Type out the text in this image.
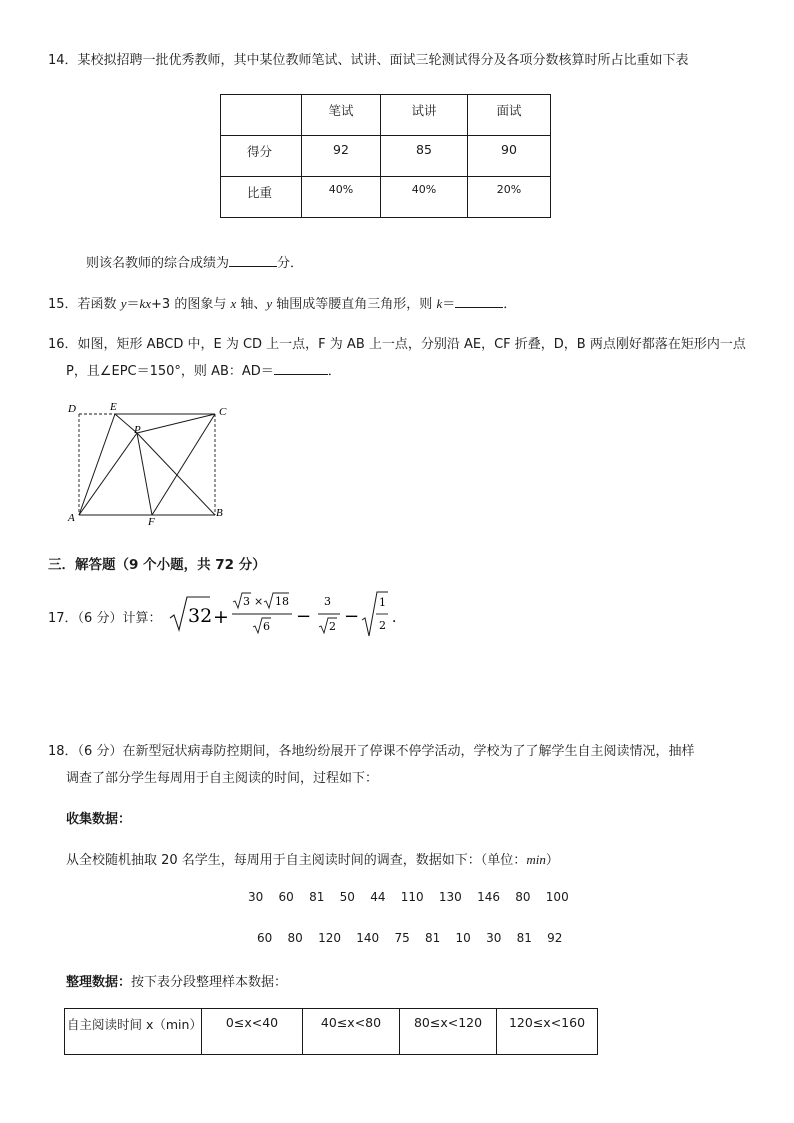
14．某校拟招聘一批优秀教师，其中某位教师笔试、试讲、面试三轮测试得分及各项分数核算时所占比重如下表
	笔试	试讲	面试
得分	92	85	90
比重	40%	40%	20%
则该名教师的综合成绩为	分．
15．若函数 y＝kx+3 的图象与 x 轴、y 轴围成等腰直角三角形，则 k＝	．
16．如图，矩形 ABCD 中，E 为 CD 上一点，F 为 AB 上一点，分别沿 AE，CF 折叠，D，B 两点刚好都落在矩形内一点
P，且∠EPC＝150°，则 AB：AD＝	．
D	E	C
P
A	F
B
三．解答题（9 个小题，共 72 分）
17．（6 分）计算： 32 +
3 × 18
6 −
3
2 −
1
2 ．
18．（6 分）在新型冠状病毒防控期间，各地纷纷展开了停课不停学活动，学校为了了解学生自主阅读情况，抽样
调查了部分学生每周用于自主阅读的时间，过程如下：
收集数据：
从全校随机抽取 20 名学生，每周用于自主阅读时间的调查，数据如下：（单位：min）
30 60 81 50 44 110 130 146 80 100
60 80 120 140 75 81 10 30 81 92
整理数据：按下表分段整理样本数据：
自主阅读时间 x（min）	0≤x<40	40≤x<80	80≤x<120	120≤x<160
